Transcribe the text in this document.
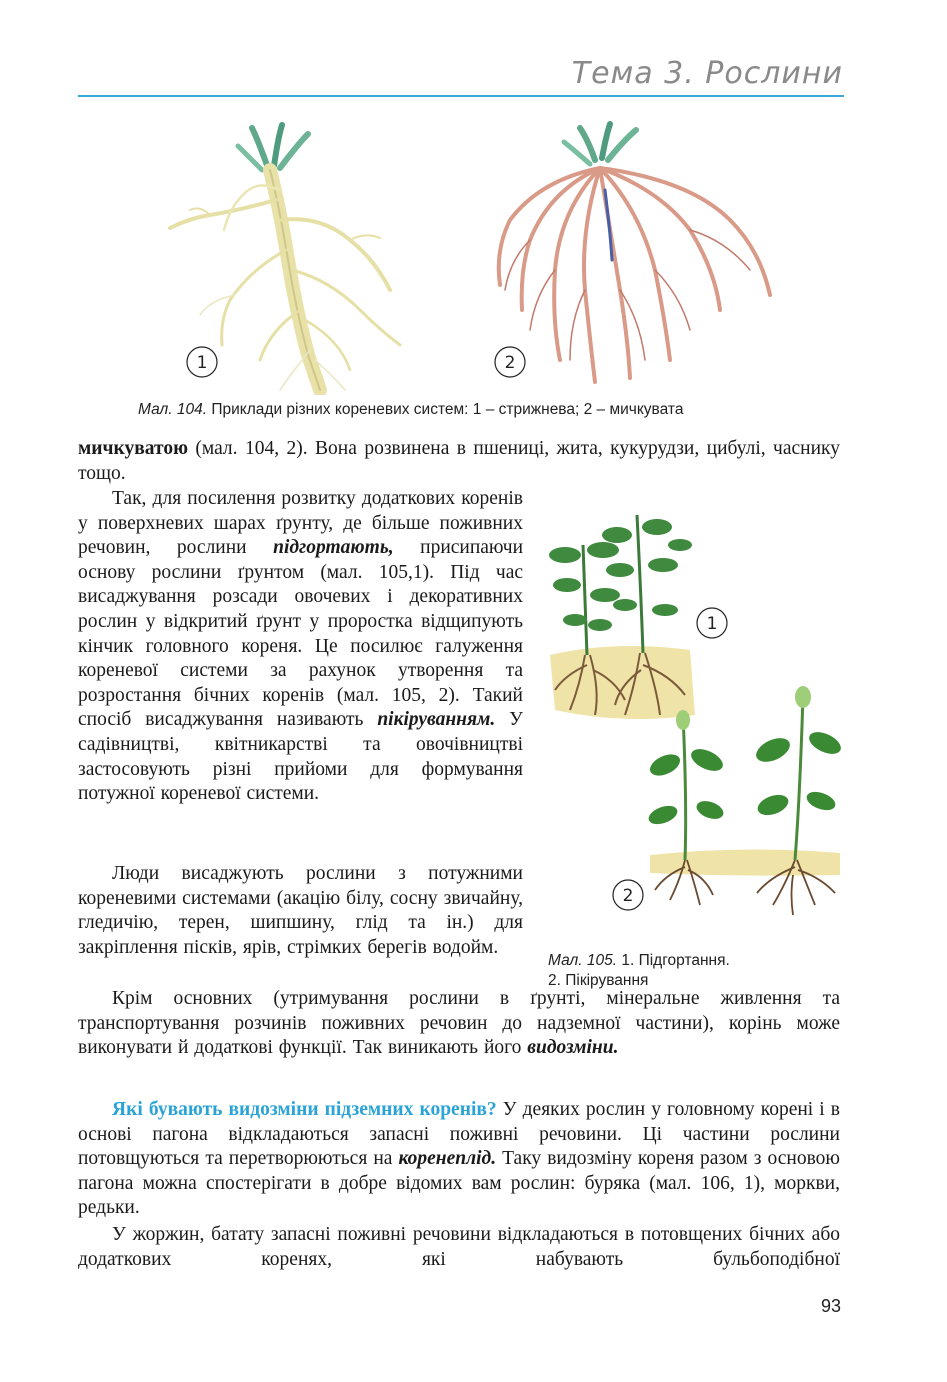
Тема 3. Рослини
1	2
Мал. 104. Приклади різних кореневих систем: 1 – стрижнева; 2 – мичкувата

мичкуватою (мал. 104, 2). Вона розвинена в пшениці, жита, кукурудзи, цибулі, часнику тощо.

Так, для посилення розвитку додаткових коренів у поверхневих шарах ґрунту, де більше поживних речовин, рослини підгортають, присипаючи основу рослини ґрунтом (мал. 105,1). Під час висаджування розсади овочевих і декоративних рослин у відкритий ґрунт у проростка відщипують кінчик головного кореня. Це посилює галуження кореневої системи за рахунок утворення та розростання бічних коренів (мал. 105, 2). Такий спосіб висаджування називають пікіруванням. У садівництві, квітникарстві та овочівництві застосовують різні прийоми для формування потужної кореневої системи.

Люди висаджують рослини з потужними кореневими системами (акацію білу, сосну звичайну, гледичію, терен, шипшину, глід та ін.) для закріплення пісків, ярів, стрімких берегів водойм.

1
2
Мал. 105. 1. Підгортання.
2. Пікірування

Крім основних (утримування рослини в ґрунті, мінеральне живлення та транспортування розчинів поживних речовин до надземної частини), корінь може виконувати й додаткові функції. Так виникають його видозміни.

Які бувають видозміни підземних коренів? У деяких рослин у головному корені і в основі пагона відкладаються запасні поживні речовини. Ці частини рослини потовщуються та перетворюються на коренеплід. Таку видозміну кореня разом з основою пагона можна спостерігати в добре відомих вам рослин: буряка (мал. 106, 1), моркви, редьки.

У жоржин, батату запасні поживні речовини відкладаються в потовщених бічних або додаткових коренях, які набувають бульбоподібної

93
